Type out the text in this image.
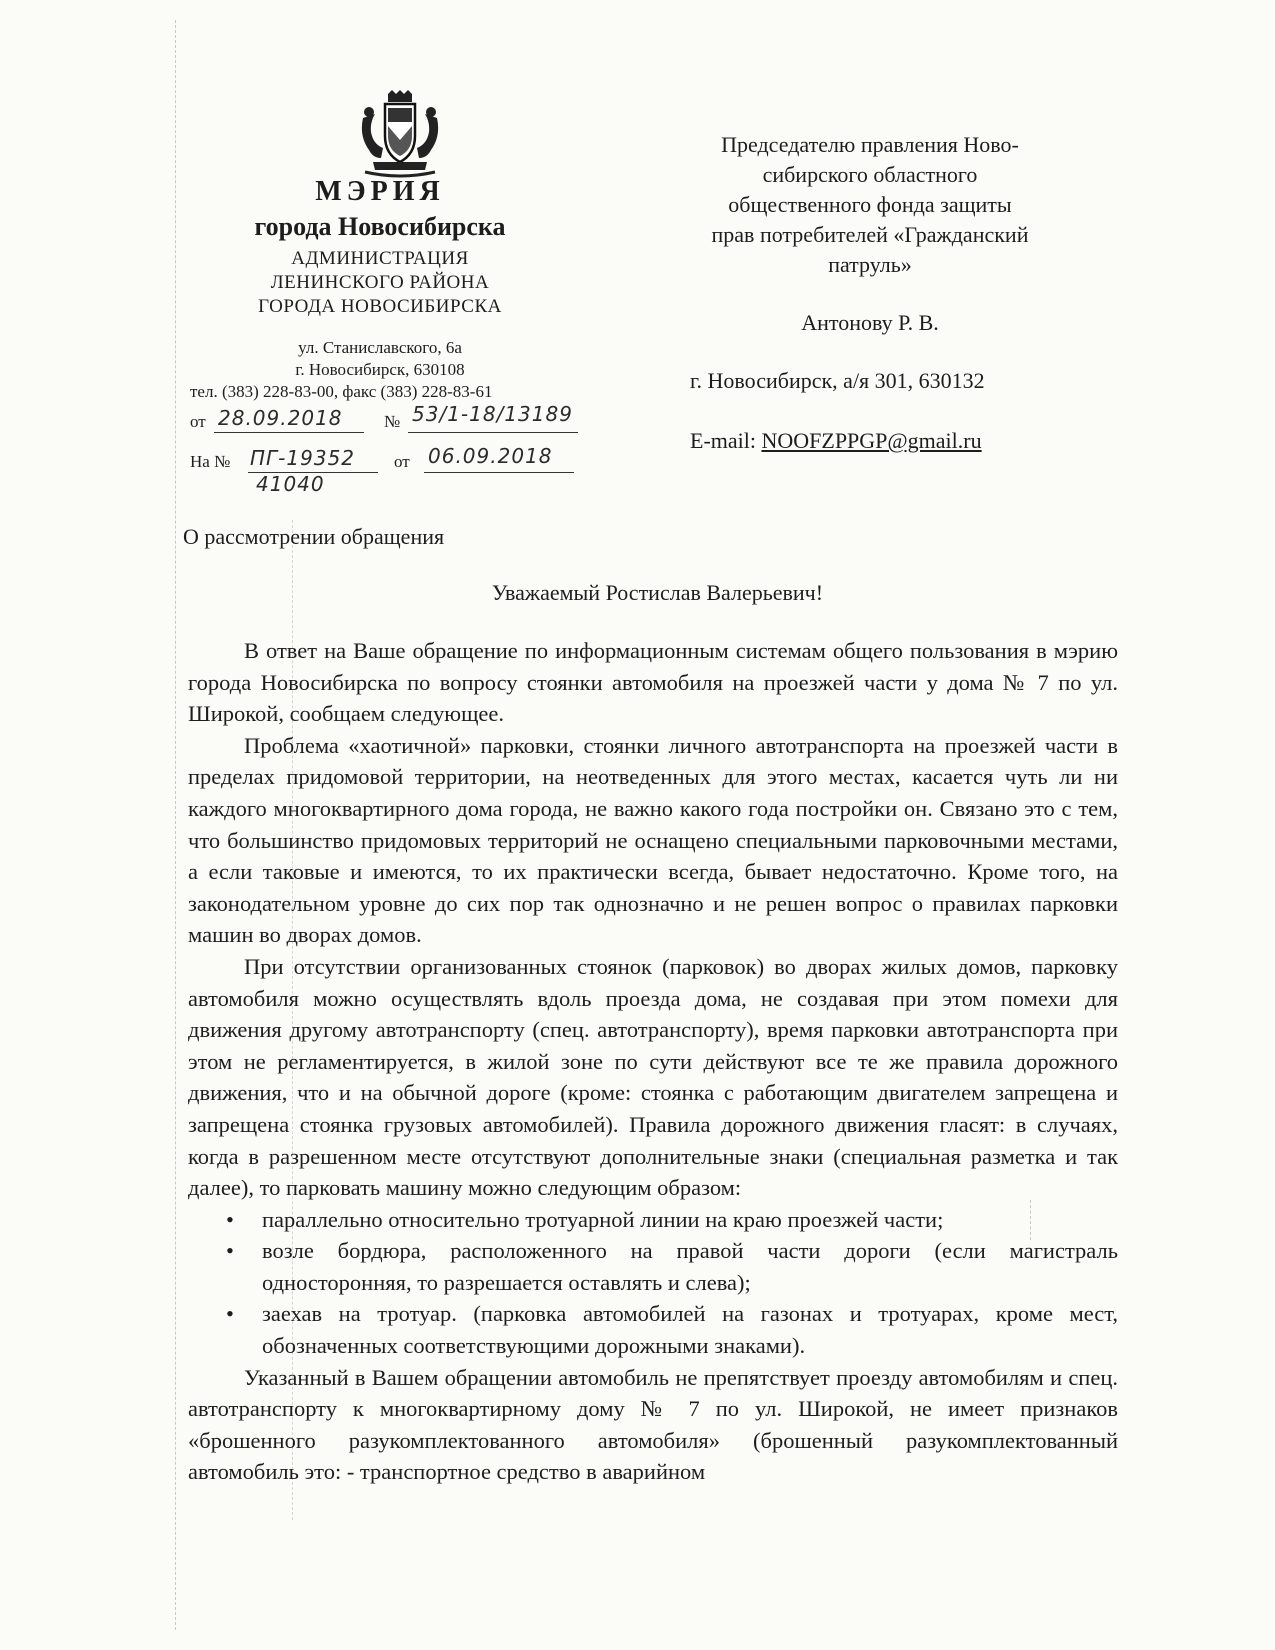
МЭРИЯ
города Новосибирска
АДМИНИСТРАЦИЯ
ЛЕНИНСКОГО РАЙОНА
ГОРОДА НОВОСИБИРСКА
ул. Станиславского, 6а
г. Новосибирск, 630108
тел. (383) 228-83-00, факс (383) 228-83-61
от 28.09.2018 № 53/1-18/13189
На № ПГ-19352 от 06.09.2018
41040
Председателю правления Ново-
сибирского областного
общественного фонда защиты
прав потребителей «Гражданский
патруль»
Антонову Р. В.
г. Новосибирск, а/я 301, 630132
E-mail: NOOFZPPGP@gmail.ru
О рассмотрении обращения
Уважаемый Ростислав Валерьевич!

В ответ на Ваше обращение по информационным системам общего пользования в мэрию города Новосибирска по вопросу стоянки автомобиля на проезжей части у дома № 7 по ул. Широкой, сообщаем следующее.

Проблема «хаотичной» парковки, стоянки личного автотранспорта на проезжей части в пределах придомовой территории, на неотведенных для этого местах, касается чуть ли ни каждого многоквартирного дома города, не важно какого года постройки он. Связано это с тем, что большинство придомовых территорий не оснащено специальными парковочными местами, а если таковые и имеются, то их практически всегда, бывает недостаточно. Кроме того, на законодательном уровне до сих пор так однозначно и не решен вопрос о правилах парковки машин во дворах домов.

При отсутствии организованных стоянок (парковок) во дворах жилых домов, парковку автомобиля можно осуществлять вдоль проезда дома, не создавая при этом помехи для движения другому автотранспорту (спец. автотранспорту), время парковки автотранспорта при этом не регламентируется, в жилой зоне по сути действуют все те же правила дорожного движения, что и на обычной дороге (кроме: стоянка с работающим двигателем запрещена и запрещена стоянка грузовых автомобилей). Правила дорожного движения гласят: в случаях, когда в разрешенном месте отсутствуют дополнительные знаки (специальная разметка и так далее), то парковать машину можно следующим образом:

• параллельно относительно тротуарной линии на краю проезжей части;
• возле бордюра, расположенного на правой части дороги (если магистраль односторонняя, то разрешается оставлять и слева);
• заехав на тротуар. (парковка автомобилей на газонах и тротуарах, кроме мест, обозначенных соответствующими дорожными знаками).

Указанный в Вашем обращении автомобиль не препятствует проезду автомобилям и спец. автотранспорту к многоквартирному дому № 7 по ул. Широкой, не имеет признаков «брошенного разукомплектованного автомобиля» (брошенный разукомплектованный автомобиль это: - транспортное средство в аварийном
